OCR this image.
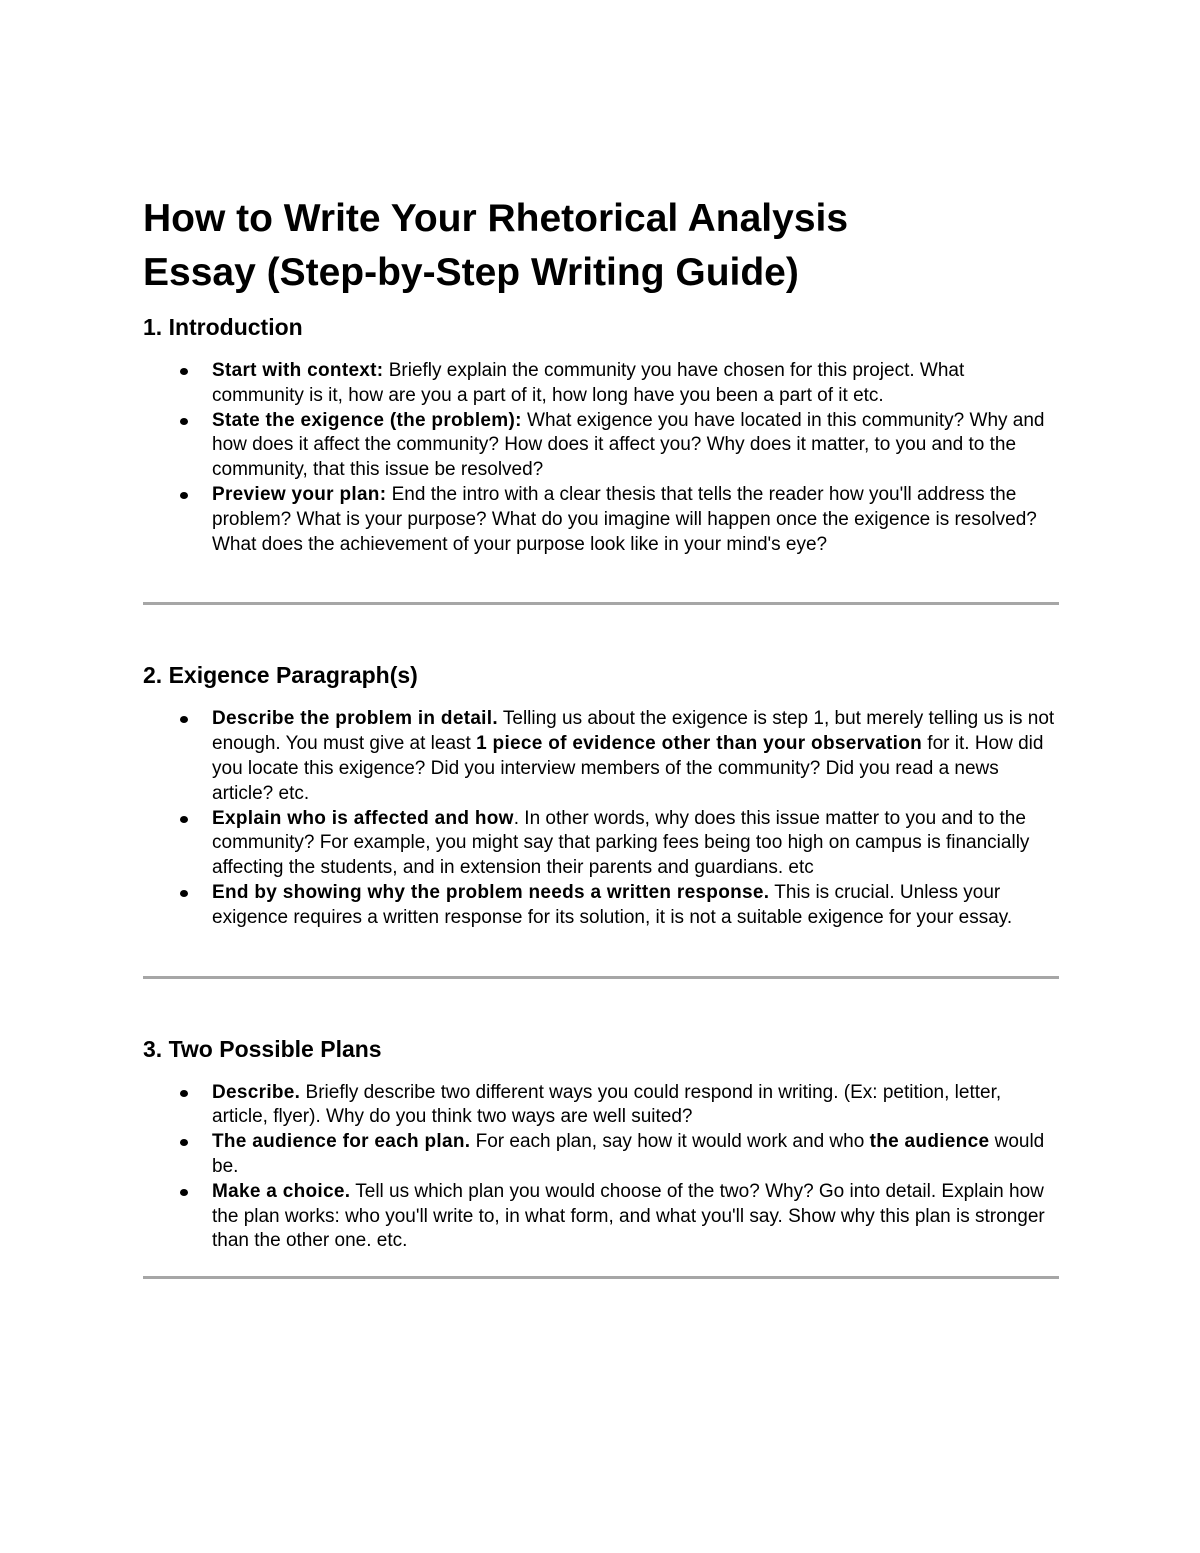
How to Write Your Rhetorical Analysis
Essay (Step-by-Step Writing Guide)
1. Introduction
Start with context: Briefly explain the community you have chosen for this project. What community is it, how are you a part of it, how long have you been a part of it etc.
State the exigence (the problem): What exigence you have located in this community? Why and how does it affect the community? How does it affect you? Why does it matter, to you and to the community, that this issue be resolved?
Preview your plan: End the intro with a clear thesis that tells the reader how you'll address the problem? What is your purpose? What do you imagine will happen once the exigence is resolved? What does the achievement of your purpose look like in your mind's eye?
2. Exigence Paragraph(s)
Describe the problem in detail. Telling us about the exigence is step 1, but merely telling us is not enough. You must give at least 1 piece of evidence other than your observation for it. How did you locate this exigence? Did you interview members of the community? Did you read a news article? etc.
Explain who is affected and how. In other words, why does this issue matter to you and to the community? For example, you might say that parking fees being too high on campus is financially affecting the students, and in extension their parents and guardians. etc
End by showing why the problem needs a written response. This is crucial. Unless your exigence requires a written response for its solution, it is not a suitable exigence for your essay.
3. Two Possible Plans
Describe. Briefly describe two different ways you could respond in writing. (Ex: petition, letter, article, flyer). Why do you think two ways are well suited?
The audience for each plan. For each plan, say how it would work and who the audience would be.
Make a choice. Tell us which plan you would choose of the two? Why? Go into detail. Explain how the plan works: who you'll write to, in what form, and what you'll say. Show why this plan is stronger than the other one. etc.
